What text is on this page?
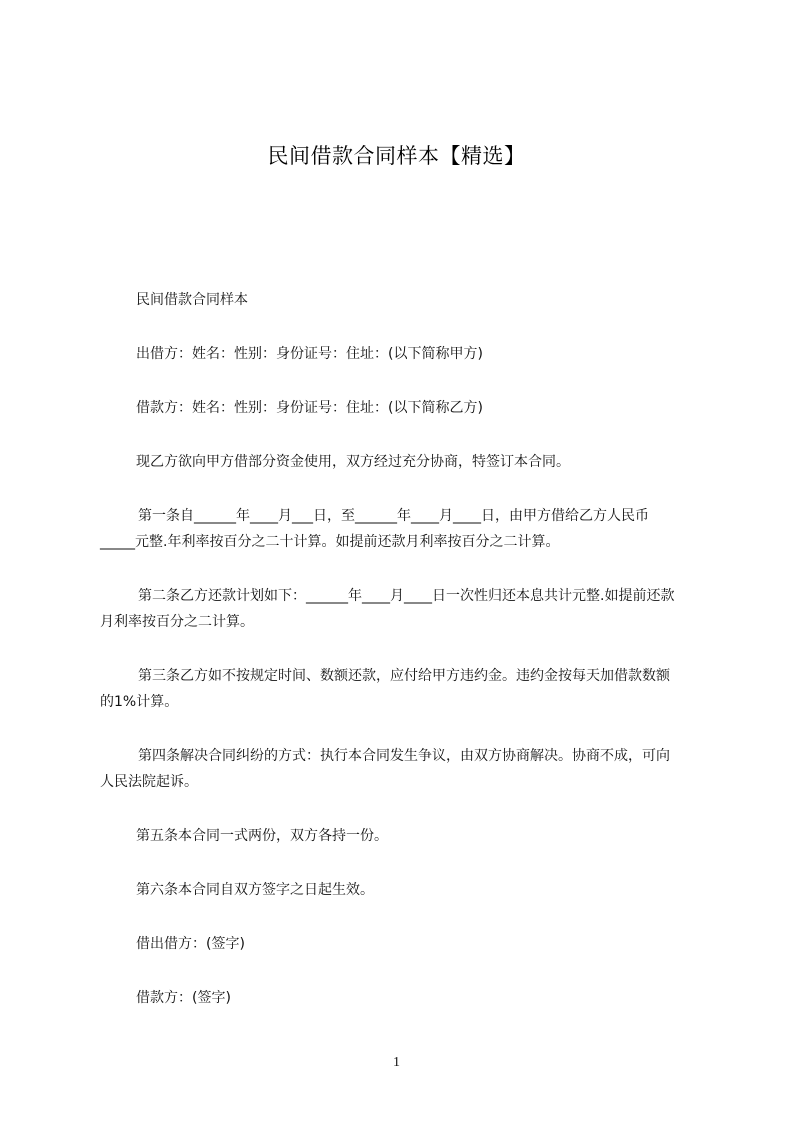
民间借款合同样本【精选】

民间借款合同样本

出借方：姓名：性别：身份证号：住址：(以下简称甲方)

借款方：姓名：性别：身份证号：住址：(以下简称乙方)

现乙方欲向甲方借部分资金使用，双方经过充分协商，特签订本合同。

第一条自______年____月___日，至______年____月____日，由甲方借给乙方人民币_____元整.年利率按百分之二十计算。如提前还款月利率按百分之二计算。

第二条乙方还款计划如下：______年____月____日一次性归还本息共计元整.如提前还款月利率按百分之二计算。

第三条乙方如不按规定时间、数额还款，应付给甲方违约金。违约金按每天加借款数额的1%计算。

第四条解决合同纠纷的方式：执行本合同发生争议，由双方协商解决。协商不成，可向人民法院起诉。

第五条本合同一式两份，双方各持一份。

第六条本合同自双方签字之日起生效。

借出借方：(签字)

借款方：(签字)

1
